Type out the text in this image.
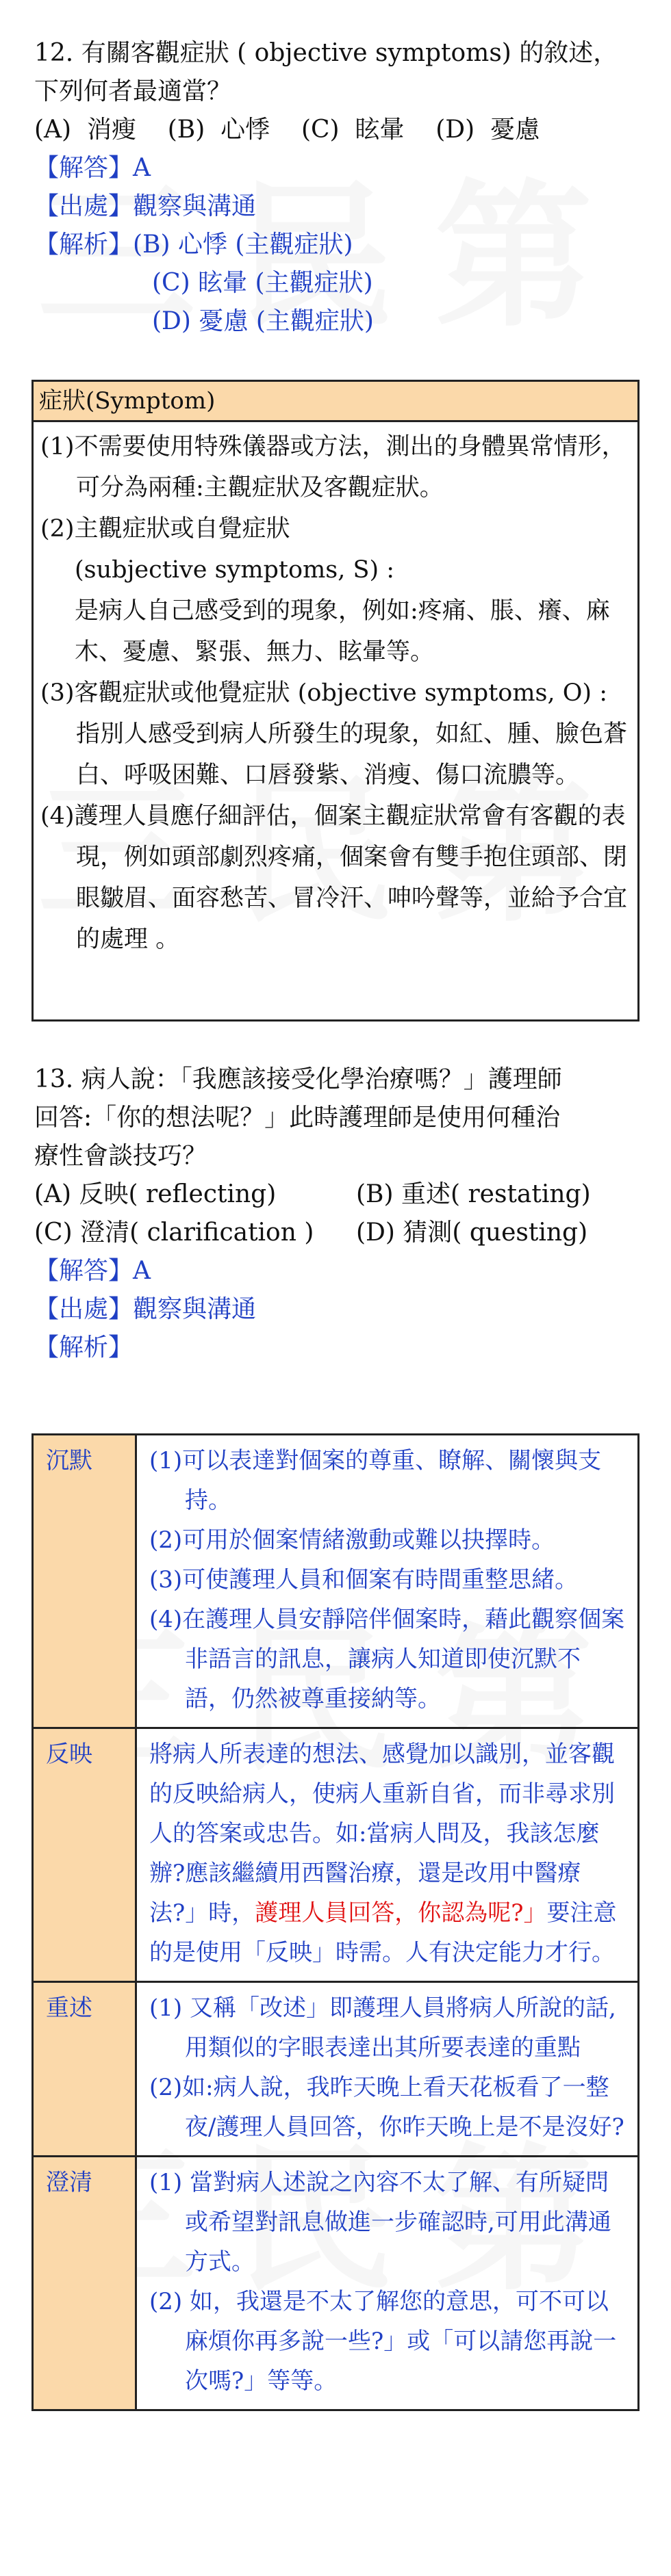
12. 有關客觀症狀 ( objective symptoms) 的敘述，

下列何者最適當？

(A)  消瘦    (B)  心悸    (C)  眩暈    (D)  憂慮

【解答】A

【出處】觀察與溝通

【解析】(B) 心悸 (主觀症狀)

(C) 眩暈 (主觀症狀)

(D) 憂慮 (主觀症狀)

症狀(Symptom)

(1)不需要使用特殊儀器或方法，測出的身體異常情形，可分為兩種:主觀症狀及客觀症狀。

(2)主觀症狀或自覺症狀

(subjective symptoms, S) :

是病人自己感受到的現象，例如:疼痛、脹、癢、麻木、憂慮、緊張、無力、眩暈等。

(3)客觀症狀或他覺症狀 (objective symptoms, O) : 指別人感受到病人所發生的現象，如紅、腫、臉色蒼白、呼吸困難、口唇發紫、消瘦、傷口流膿等。

(4)護理人員應仔細評估，個案主觀症狀常會有客觀的表現，例如頭部劇烈疼痛，個案會有雙手抱住頭部、閉眼皺眉、面容愁苦、冒冷汗、呻吟聲等，並給予合宜的處理 。

13. 病人說：「我應該接受化學治療嗎？」護理師

回答:「你的想法呢？」此時護理師是使用何種治

療性會談技巧？

(A) 反映( reflecting)	(B) 重述( restating)

(C) 澄清( clarification )	(D) 猜測( questing)

【解答】A

【出處】觀察與溝通

【解析】

沉默	(1)可以表達對個案的尊重、瞭解、關懷與支持。

(2)可用於個案情緒激動或難以抉擇時。

(3)可使護理人員和個案有時間重整思緒。

(4)在護理人員安靜陪伴個案時，藉此觀察個案非語言的訊息，讓病人知道即使沉默不語，仍然被尊重接納等。

反映	將病人所表達的想法、感覺加以識別，並客觀的反映給病人，使病人重新自省，而非尋求別人的答案或忠告。如:當病人問及，我該怎麼辦?應該繼續用西醫治療，還是改用中醫療法?」時，護理人員回答，你認為呢?」要注意的是使用「反映」時需。人有決定能力才行。

重述	(1) 又稱「改述」即護理人員將病人所說的話,用類似的字眼表達出其所要表達的重點

(2)如:病人說，我昨天晚上看天花板看了一整夜/護理人員回答，你昨天晚上是不是沒好?

澄清	(1) 當對病人述說之內容不太了解、有所疑問或希望對訊息做進一步確認時,可用此溝通方式。

(2) 如，我還是不太了解您的意思，可不可以麻煩你再多說一些?」或「可以請您再說一次嗎?」等等。
